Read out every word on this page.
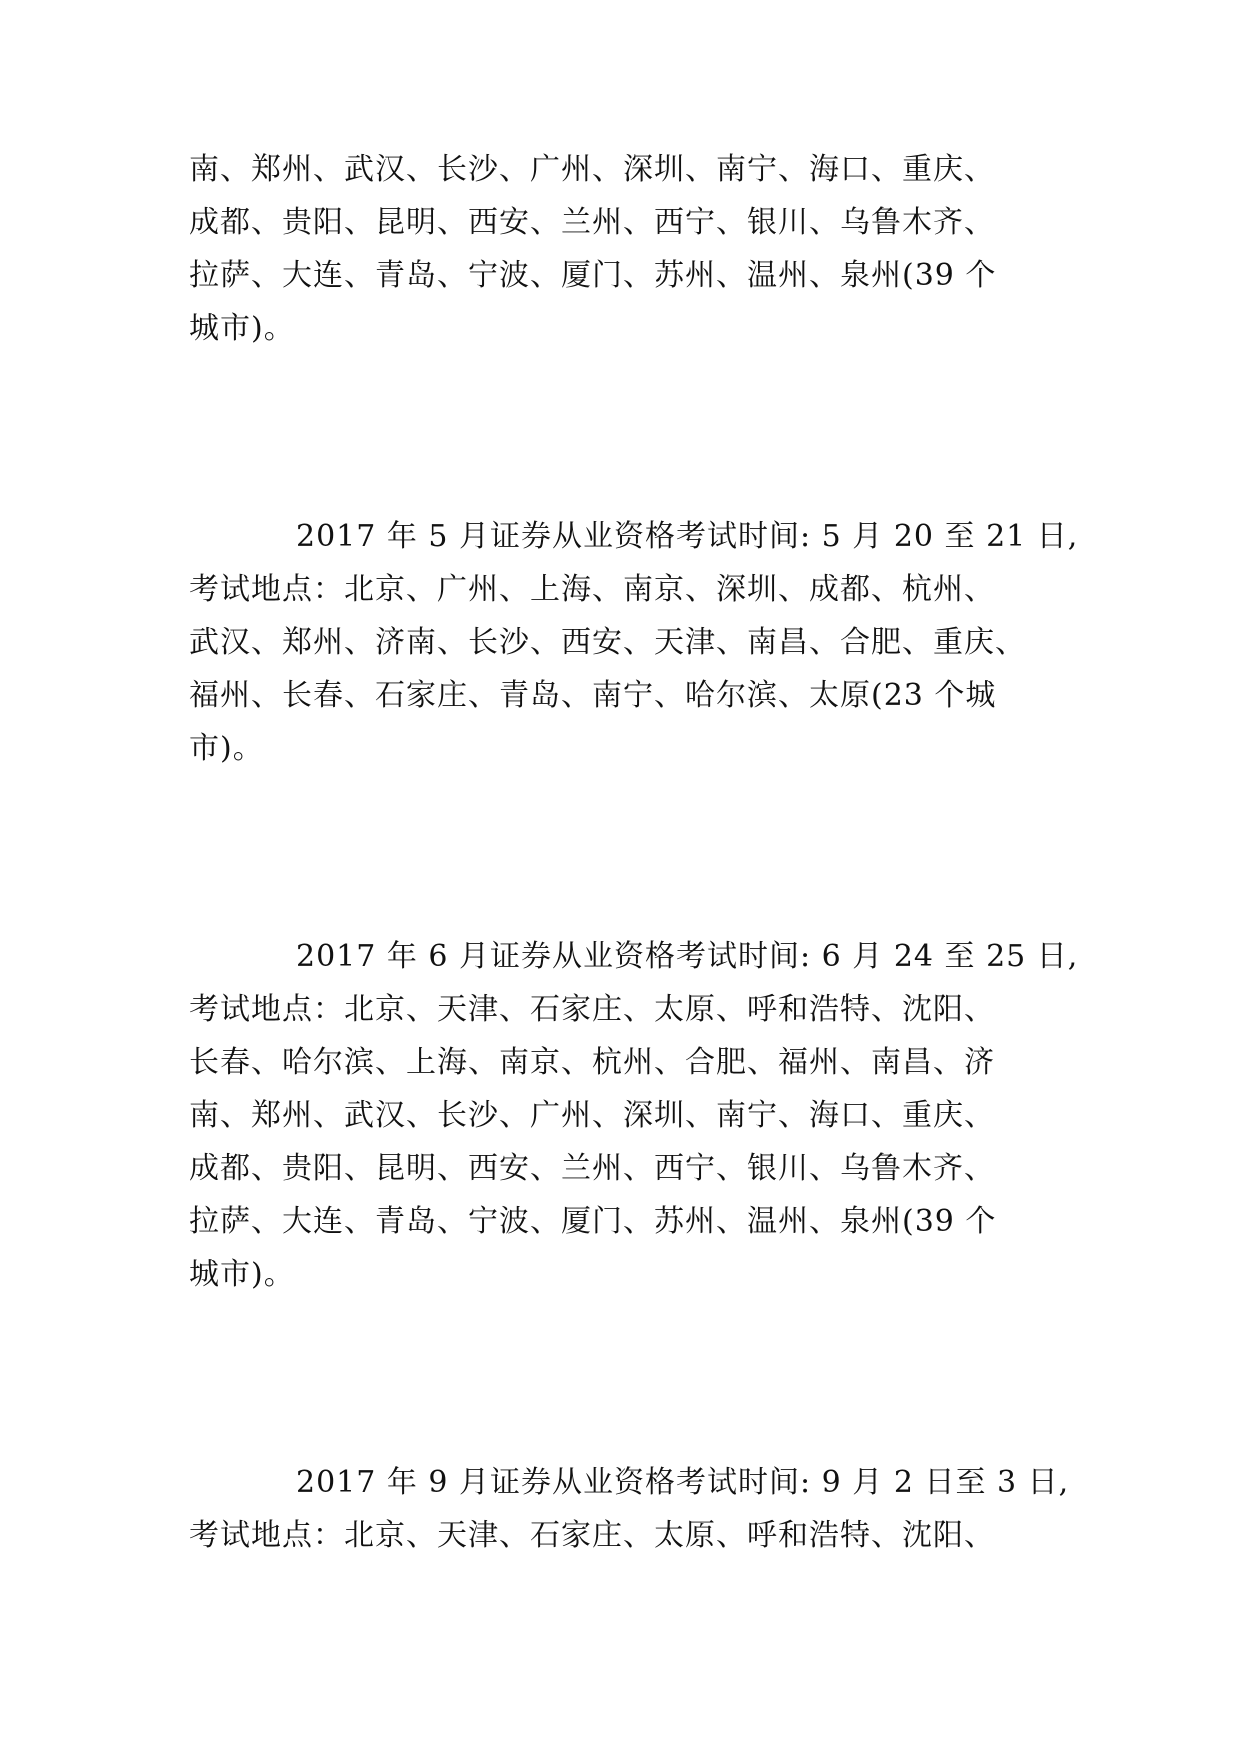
南、郑州、武汉、长沙、广州、深圳、南宁、海口、重庆、
成都、贵阳、昆明、西安、兰州、西宁、银川、乌鲁木齐、
拉萨、大连、青岛、宁波、厦门、苏州、温州、泉州(39 个
城市)。
2017 年 5 月证券从业资格考试时间: 5 月 20 至 21 日,
考试地点：北京、广州、上海、南京、深圳、成都、杭州、
武汉、郑州、济南、长沙、西安、天津、南昌、合肥、重庆、
福州、长春、石家庄、青岛、南宁、哈尔滨、太原(23 个城
市)。
2017 年 6 月证券从业资格考试时间: 6 月 24 至 25 日,
考试地点：北京、天津、石家庄、太原、呼和浩特、沈阳、
长春、哈尔滨、上海、南京、杭州、合肥、福州、南昌、济
南、郑州、武汉、长沙、广州、深圳、南宁、海口、重庆、
成都、贵阳、昆明、西安、兰州、西宁、银川、乌鲁木齐、
拉萨、大连、青岛、宁波、厦门、苏州、温州、泉州(39 个
城市)。
2017 年 9 月证券从业资格考试时间: 9 月 2 日至 3 日,
考试地点：北京、天津、石家庄、太原、呼和浩特、沈阳、
